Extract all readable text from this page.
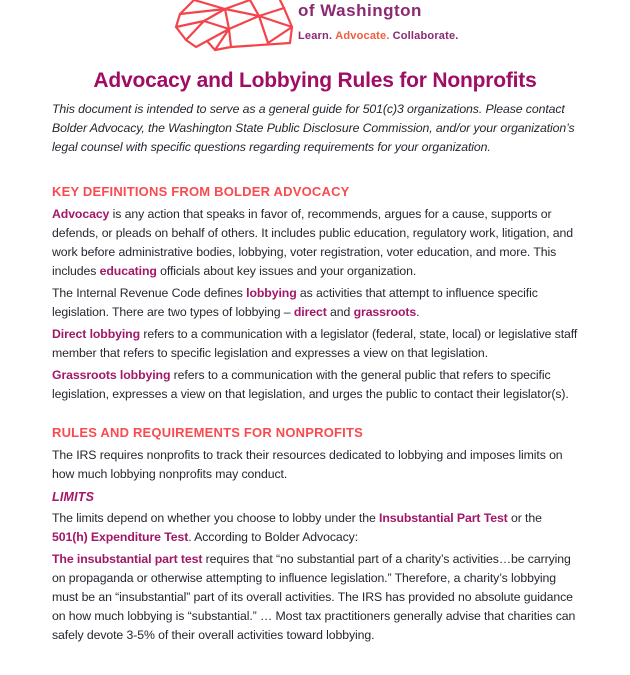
of Washington
Learn. Advocate. Collaborate.
Advocacy and Lobbying Rules for Nonprofits

This document is intended to serve as a general guide for 501(c)3 organizations. Please contact Bolder Advocacy, the Washington State Public Disclosure Commission, and/or your organization’s legal counsel with specific questions regarding requirements for your organization.

KEY DEFINITIONS FROM BOLDER ADVOCACY

Advocacy is any action that speaks in favor of, recommends, argues for a cause, supports or defends, or pleads on behalf of others. It includes public education, regulatory work, litigation, and work before administrative bodies, lobbying, voter registration, voter education, and more. This includes educating officials about key issues and your organization.

The Internal Revenue Code defines lobbying as activities that attempt to influence specific legislation. There are two types of lobbying – direct and grassroots.

Direct lobbying refers to a communication with a legislator (federal, state, local) or legislative staff member that refers to specific legislation and expresses a view on that legislation.

Grassroots lobbying refers to a communication with the general public that refers to specific legislation, expresses a view on that legislation, and urges the public to contact their legislator(s).

RULES AND REQUIREMENTS FOR NONPROFITS

The IRS requires nonprofits to track their resources dedicated to lobbying and imposes limits on how much lobbying nonprofits may conduct.

LIMITS

The limits depend on whether you choose to lobby under the Insubstantial Part Test or the 501(h) Expenditure Test. According to Bolder Advocacy:

The insubstantial part test requires that “no substantial part of a charity’s activities…be carrying on propaganda or otherwise attempting to influence legislation.” Therefore, a charity’s lobbying must be an “insubstantial” part of its overall activities. The IRS has provided no absolute guidance on how much lobbying is “substantial.” … Most tax practitioners generally advise that charities can safely devote 3-5% of their overall activities toward lobbying.
